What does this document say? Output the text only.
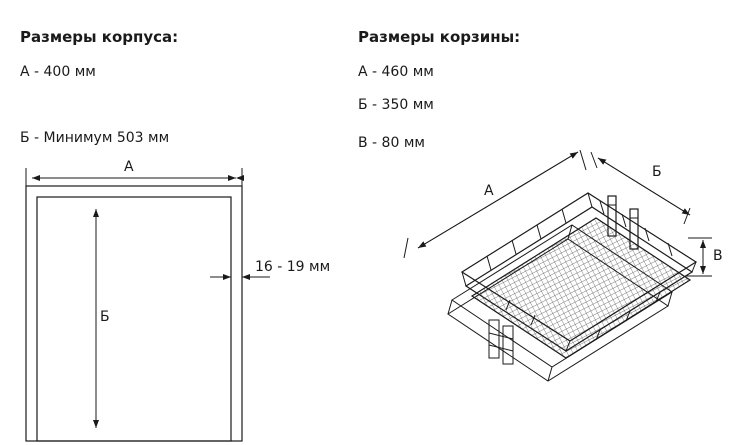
Размеры корпуса:
А - 400 мм
Б - Минимум 503 мм
Размеры корзины:
А - 460 мм
Б - 350 мм
В - 80 мм
А
Б
16 - 19 мм
А
Б
В
